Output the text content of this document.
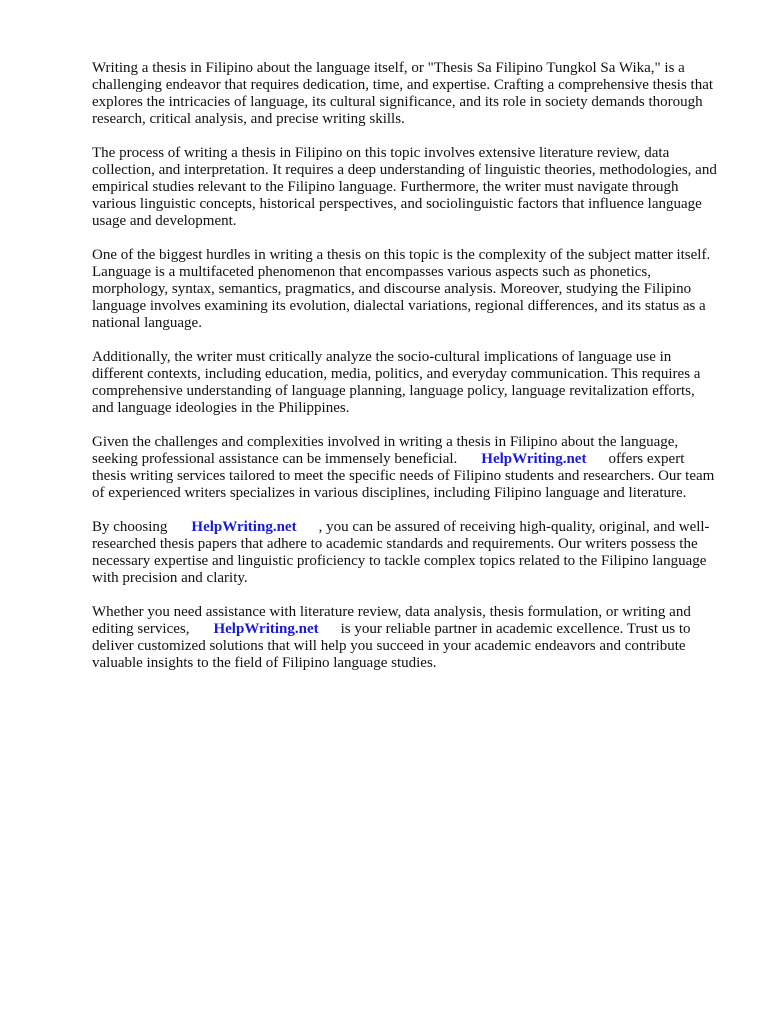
Writing a thesis in Filipino about the language itself, or "Thesis Sa Filipino Tungkol Sa Wika," is a challenging endeavor that requires dedication, time, and expertise. Crafting a comprehensive thesis that explores the intricacies of language, its cultural significance, and its role in society demands thorough research, critical analysis, and precise writing skills.

The process of writing a thesis in Filipino on this topic involves extensive literature review, data collection, and interpretation. It requires a deep understanding of linguistic theories, methodologies, and empirical studies relevant to the Filipino language. Furthermore, the writer must navigate through various linguistic concepts, historical perspectives, and sociolinguistic factors that influence language usage and development.

One of the biggest hurdles in writing a thesis on this topic is the complexity of the subject matter itself. Language is a multifaceted phenomenon that encompasses various aspects such as phonetics, morphology, syntax, semantics, pragmatics, and discourse analysis. Moreover, studying the Filipino language involves examining its evolution, dialectal variations, regional differences, and its status as a national language.

Additionally, the writer must critically analyze the socio-cultural implications of language use in different contexts, including education, media, politics, and everyday communication. This requires a comprehensive understanding of language planning, language policy, language revitalization efforts, and language ideologies in the Philippines.

Given the challenges and complexities involved in writing a thesis in Filipino about the language, seeking professional assistance can be immensely beneficial. HelpWriting.net offers expert thesis writing services tailored to meet the specific needs of Filipino students and researchers. Our team of experienced writers specializes in various disciplines, including Filipino language and literature.

By choosing HelpWriting.net , you can be assured of receiving high-quality, original, and well-researched thesis papers that adhere to academic standards and requirements. Our writers possess the necessary expertise and linguistic proficiency to tackle complex topics related to the Filipino language with precision and clarity.

Whether you need assistance with literature review, data analysis, thesis formulation, or writing and editing services, HelpWriting.net is your reliable partner in academic excellence. Trust us to deliver customized solutions that will help you succeed in your academic endeavors and contribute valuable insights to the field of Filipino language studies.
